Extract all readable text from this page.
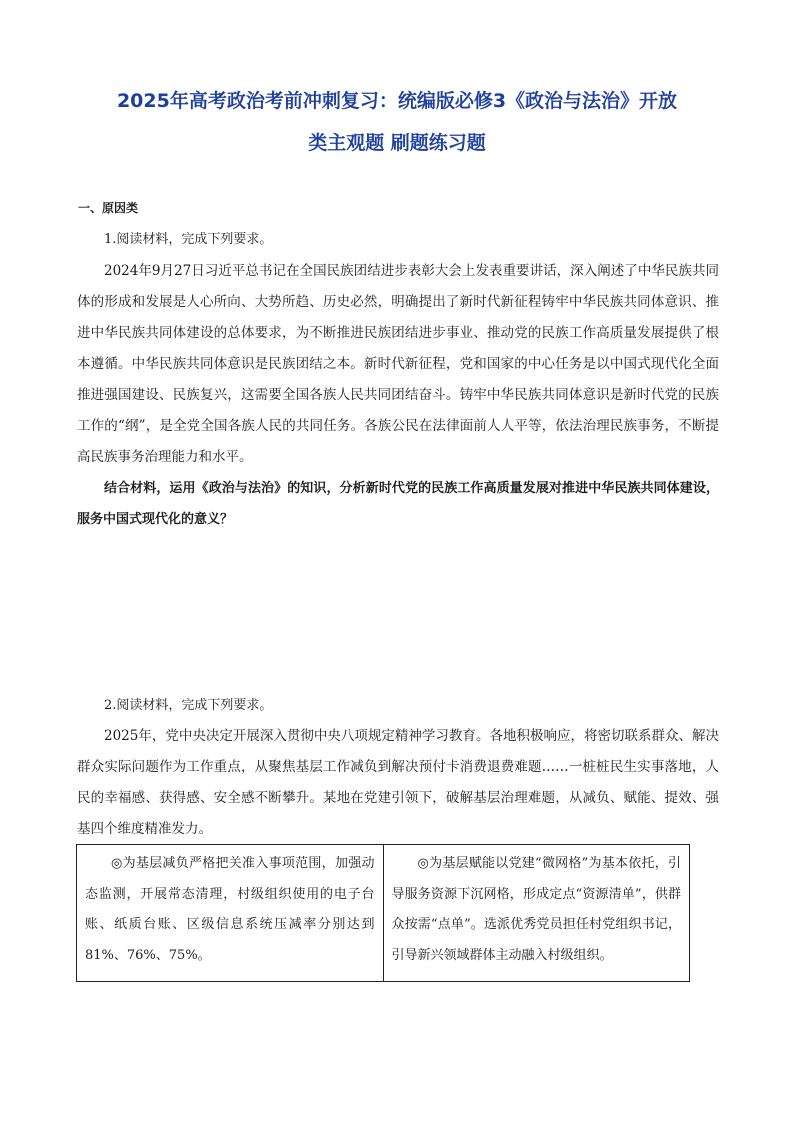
2025年高考政治考前冲刺复习：统编版必修3《政治与法治》开放
类主观题 刷题练习题
一、原因类
1.阅读材料，完成下列要求。

2024年9月27日习近平总书记在全国民族团结进步表彰大会上发表重要讲话，深入阐述了中华民族共同体的形成和发展是人心所向、大势所趋、历史必然，明确提出了新时代新征程铸牢中华民族共同体意识、推进中华民族共同体建设的总体要求，为不断推进民族团结进步事业、推动党的民族工作高质量发展提供了根本遵循。中华民族共同体意识是民族团结之本。新时代新征程，党和国家的中心任务是以中国式现代化全面推进强国建设、民族复兴，这需要全国各族人民共同团结奋斗。铸牢中华民族共同体意识是新时代党的民族工作的“纲”，是全党全国各族人民的共同任务。各族公民在法律面前人人平等，依法治理民族事务，不断提高民族事务治理能力和水平。

结合材料，运用《政治与法治》的知识，分析新时代党的民族工作高质量发展对推进中华民族共同体建设，服务中国式现代化的意义？

2.阅读材料，完成下列要求。

2025年，党中央决定开展深入贯彻中央八项规定精神学习教育。各地积极响应，将密切联系群众、解决群众实际问题作为工作重点，从聚焦基层工作减负到解决预付卡消费退费难题……一桩桩民生实事落地，人民的幸福感、获得感、安全感不断攀升。某地在党建引领下，破解基层治理难题，从减负、赋能、提效、强基四个维度精准发力。

◎为基层减负严格把关准入事项范围，加强动态监测，开展常态清理，村级组织使用的电子台账、纸质台账、区级信息系统压减率分别达到 81%、76%、75%。
◎为基层赋能以党建“微网格”为基本依托，引导服务资源下沉网格，形成定点“资源清单”，供群众按需“点单”。选派优秀党员担任村党组织书记，引导新兴领域群体主动融入村级组织。
